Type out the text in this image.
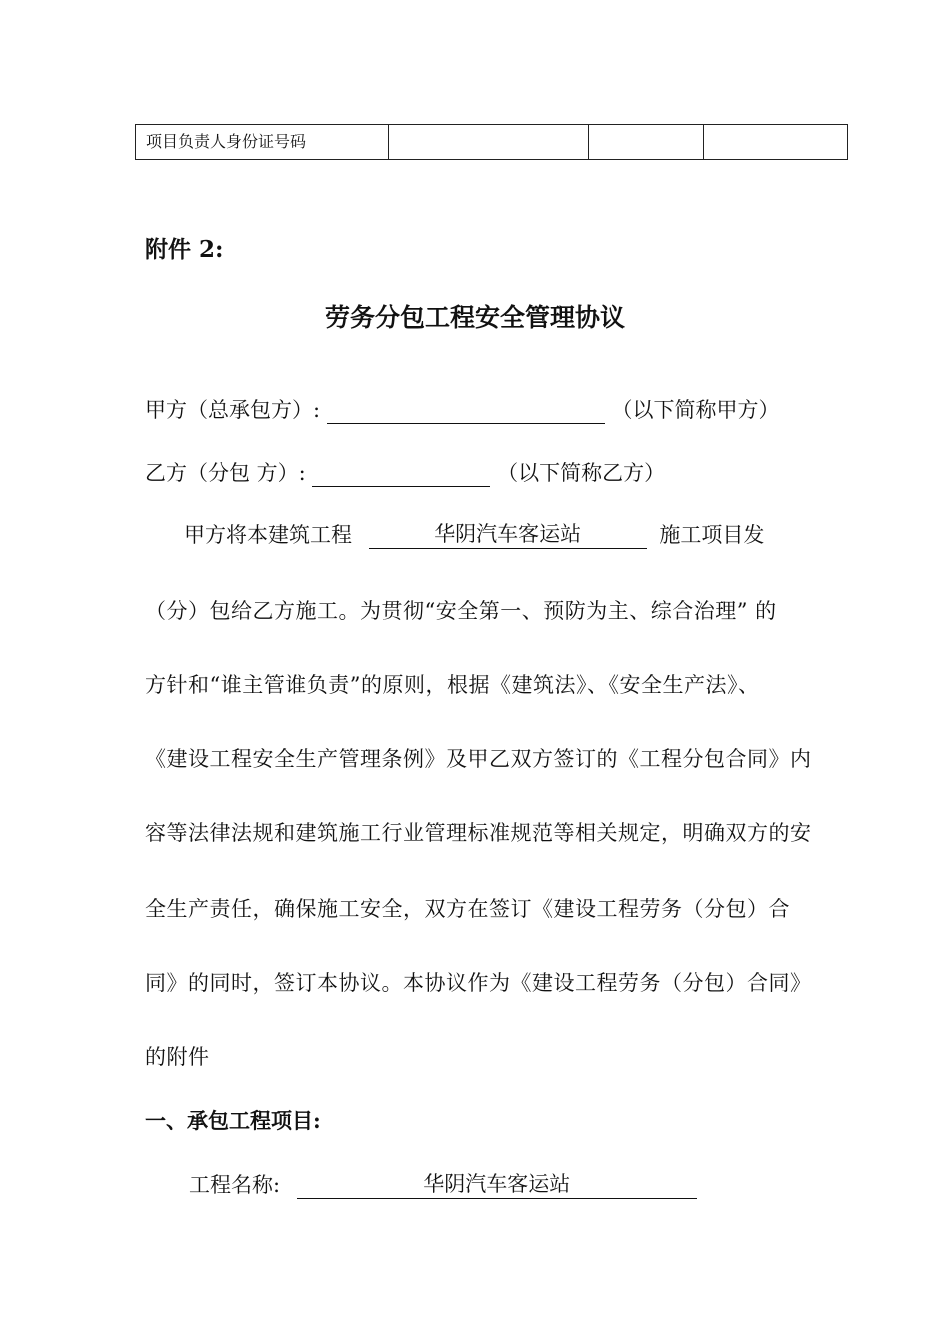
项目负责人身份证号码			
附件 2:
劳务分包工程安全管理协议
甲方（总承包方）:	（以下简称甲方）
乙方（分包 方）:	（以下简称乙方）
甲方将本建筑工程	华阴汽车客运站	施工项目发
（分）包给乙方施工。为贯彻“安全第一、预防为主、综合治理” 的
方针和“谁主管谁负责”的原则，根据《建筑法》、《安全生产法》、
《建设工程安全生产管理条例》及甲乙双方签订的《工程分包合同》内
容等法律法规和建筑施工行业管理标准规范等相关规定，明确双方的安
全生产责任，确保施工安全，双方在签订《建设工程劳务（分包）合
同》的同时，签订本协议。本协议作为《建设工程劳务（分包）合同》
的附件
一、承包工程项目:
工程名称:	华阴汽车客运站
